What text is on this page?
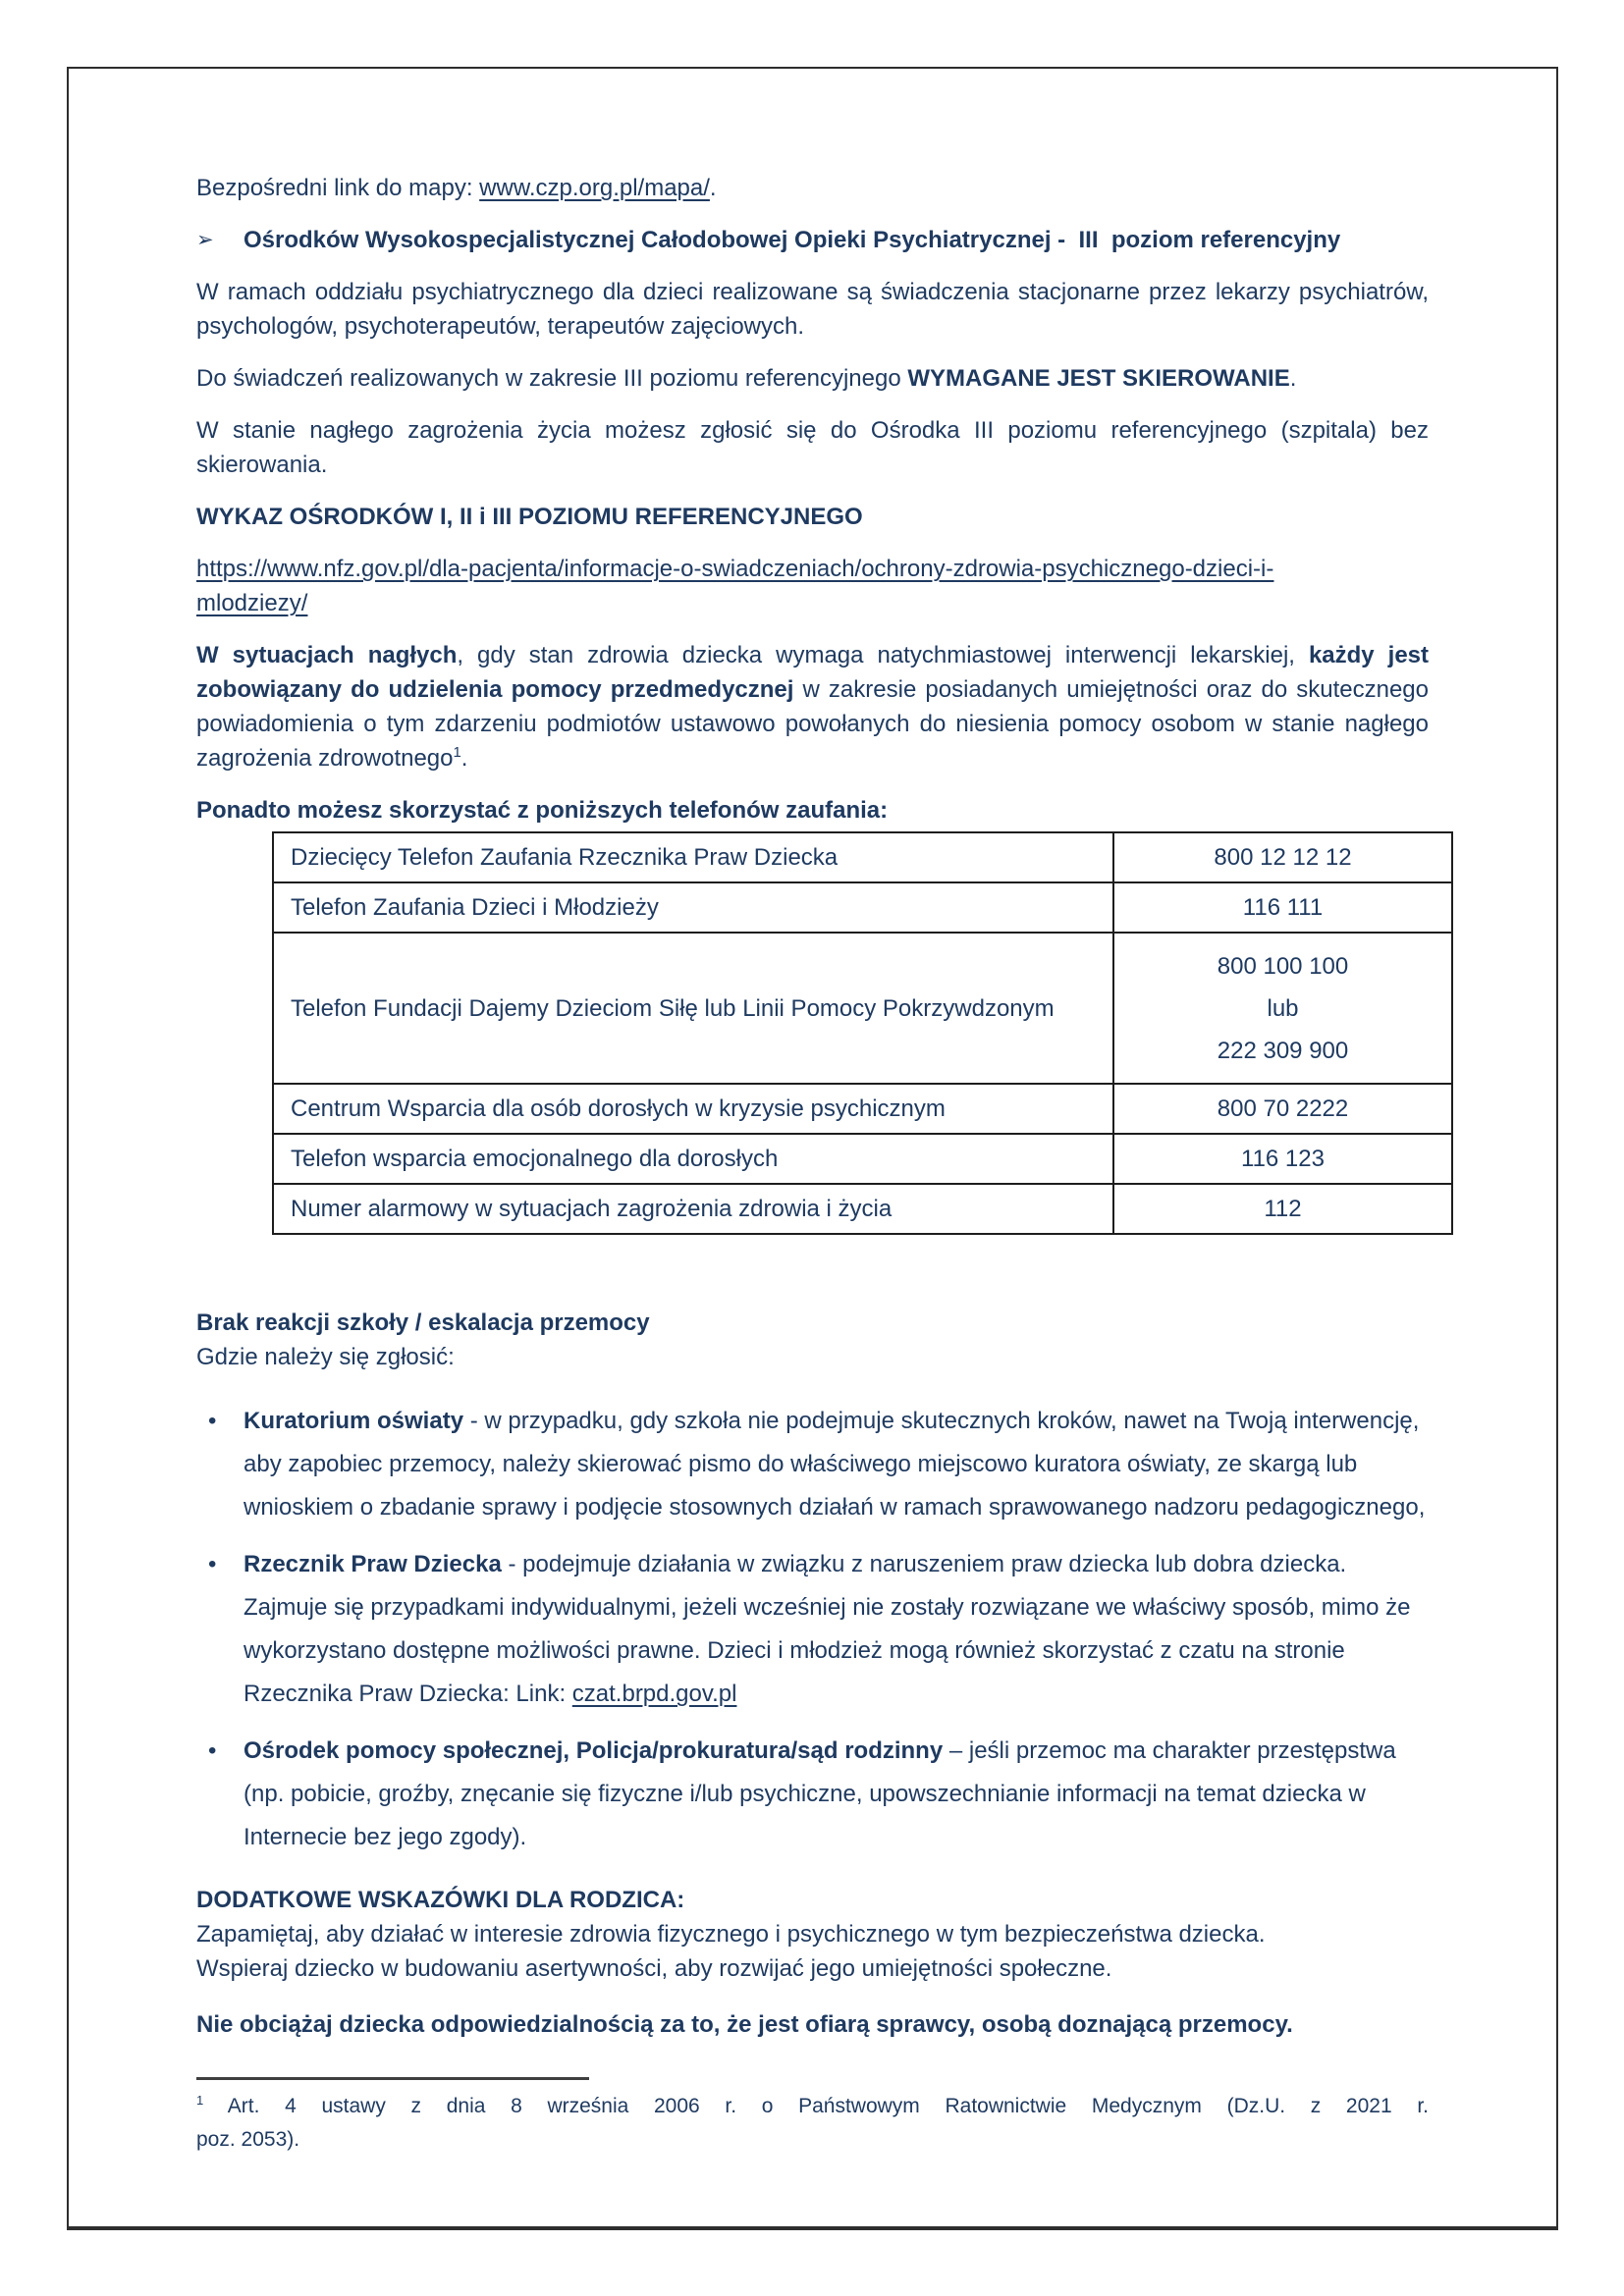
Bezpośredni link do mapy: www.czp.org.pl/mapa/.

➢	Ośrodków Wysokospecjalistycznej Całodobowej Opieki Psychiatrycznej -  III  poziom referencyjny

W ramach oddziału psychiatrycznego dla dzieci realizowane są świadczenia stacjonarne przez lekarzy psychiatrów, psychologów, psychoterapeutów, terapeutów zajęciowych.

Do świadczeń realizowanych w zakresie III poziomu referencyjnego WYMAGANE JEST SKIEROWANIE.

W stanie nagłego zagrożenia życia możesz zgłosić się do Ośrodka III poziomu referencyjnego (szpitala) bez skierowania.

WYKAZ OŚRODKÓW I, II i III POZIOMU REFERENCYJNEGO

https://www.nfz.gov.pl/dla-pacjenta/informacje-o-swiadczeniach/ochrony-zdrowia-psychicznego-dzieci-i-
mlodziezy/

W sytuacjach nagłych, gdy stan zdrowia dziecka wymaga natychmiastowej interwencji lekarskiej, każdy jest zobowiązany do udzielenia pomocy przedmedycznej w zakresie posiadanych umiejętności oraz do skutecznego powiadomienia o tym zdarzeniu podmiotów ustawowo powołanych do niesienia pomocy osobom w stanie nagłego zagrożenia zdrowotnego$^1$.

Ponadto możesz skorzystać z poniższych telefonów zaufania:

Dziecięcy Telefon Zaufania Rzecznika Praw Dziecka	800 12 12 12
Telefon Zaufania Dzieci i Młodzieży	116 111
Telefon Fundacji Dajemy Dzieciom Siłę lub Linii Pomocy Pokrzywdzonym	800 100 100
lub
222 309 900

Centrum Wsparcia dla osób dorosłych w kryzysie psychicznym	800 70 2222
Telefon wsparcia emocjonalnego dla dorosłych	116 123
Numer alarmowy w sytuacjach zagrożenia zdrowia i życia	112

Brak reakcji szkoły / eskalacja przemocy

Gdzie należy się zgłosić:

• Kuratorium oświaty - w przypadku, gdy szkoła nie podejmuje skutecznych kroków, nawet na Twoją interwencję, aby zapobiec przemocy, należy skierować pismo do właściwego miejscowo kuratora oświaty, ze skargą lub wnioskiem o zbadanie sprawy i podjęcie stosownych działań w ramach sprawowanego nadzoru pedagogicznego,
• Rzecznik Praw Dziecka - podejmuje działania w związku z naruszeniem praw dziecka lub dobra dziecka. Zajmuje się przypadkami indywidualnymi, jeżeli wcześniej nie zostały rozwiązane we właściwy sposób, mimo że wykorzystano dostępne możliwości prawne. Dzieci i młodzież mogą również skorzystać z czatu na stronie Rzecznika Praw Dziecka: Link: czat.brpd.gov.pl
• Ośrodek pomocy społecznej, Policja/prokuratura/sąd rodzinny – jeśli przemoc ma charakter przestępstwa (np. pobicie, groźby, znęcanie się fizyczne i/lub psychiczne, upowszechnianie informacji na temat dziecka w Internecie bez jego zgody).

DODATKOWE WSKAZÓWKI DLA RODZICA:

Zapamiętaj, aby działać w interesie zdrowia fizycznego i psychicznego w tym bezpieczeństwa dziecka.

Wspieraj dziecko w budowaniu asertywności, aby rozwijać jego umiejętności społeczne.

Nie obciążaj dziecka odpowiedzialnością za to, że jest ofiarą sprawcy, osobą doznającą przemocy.

$^1$ Art. 4 ustawy z dnia 8 września 2006 r. o Państwowym Ratownictwie Medycznym (Dz.U. z 2021 r.
poz. 2053).
